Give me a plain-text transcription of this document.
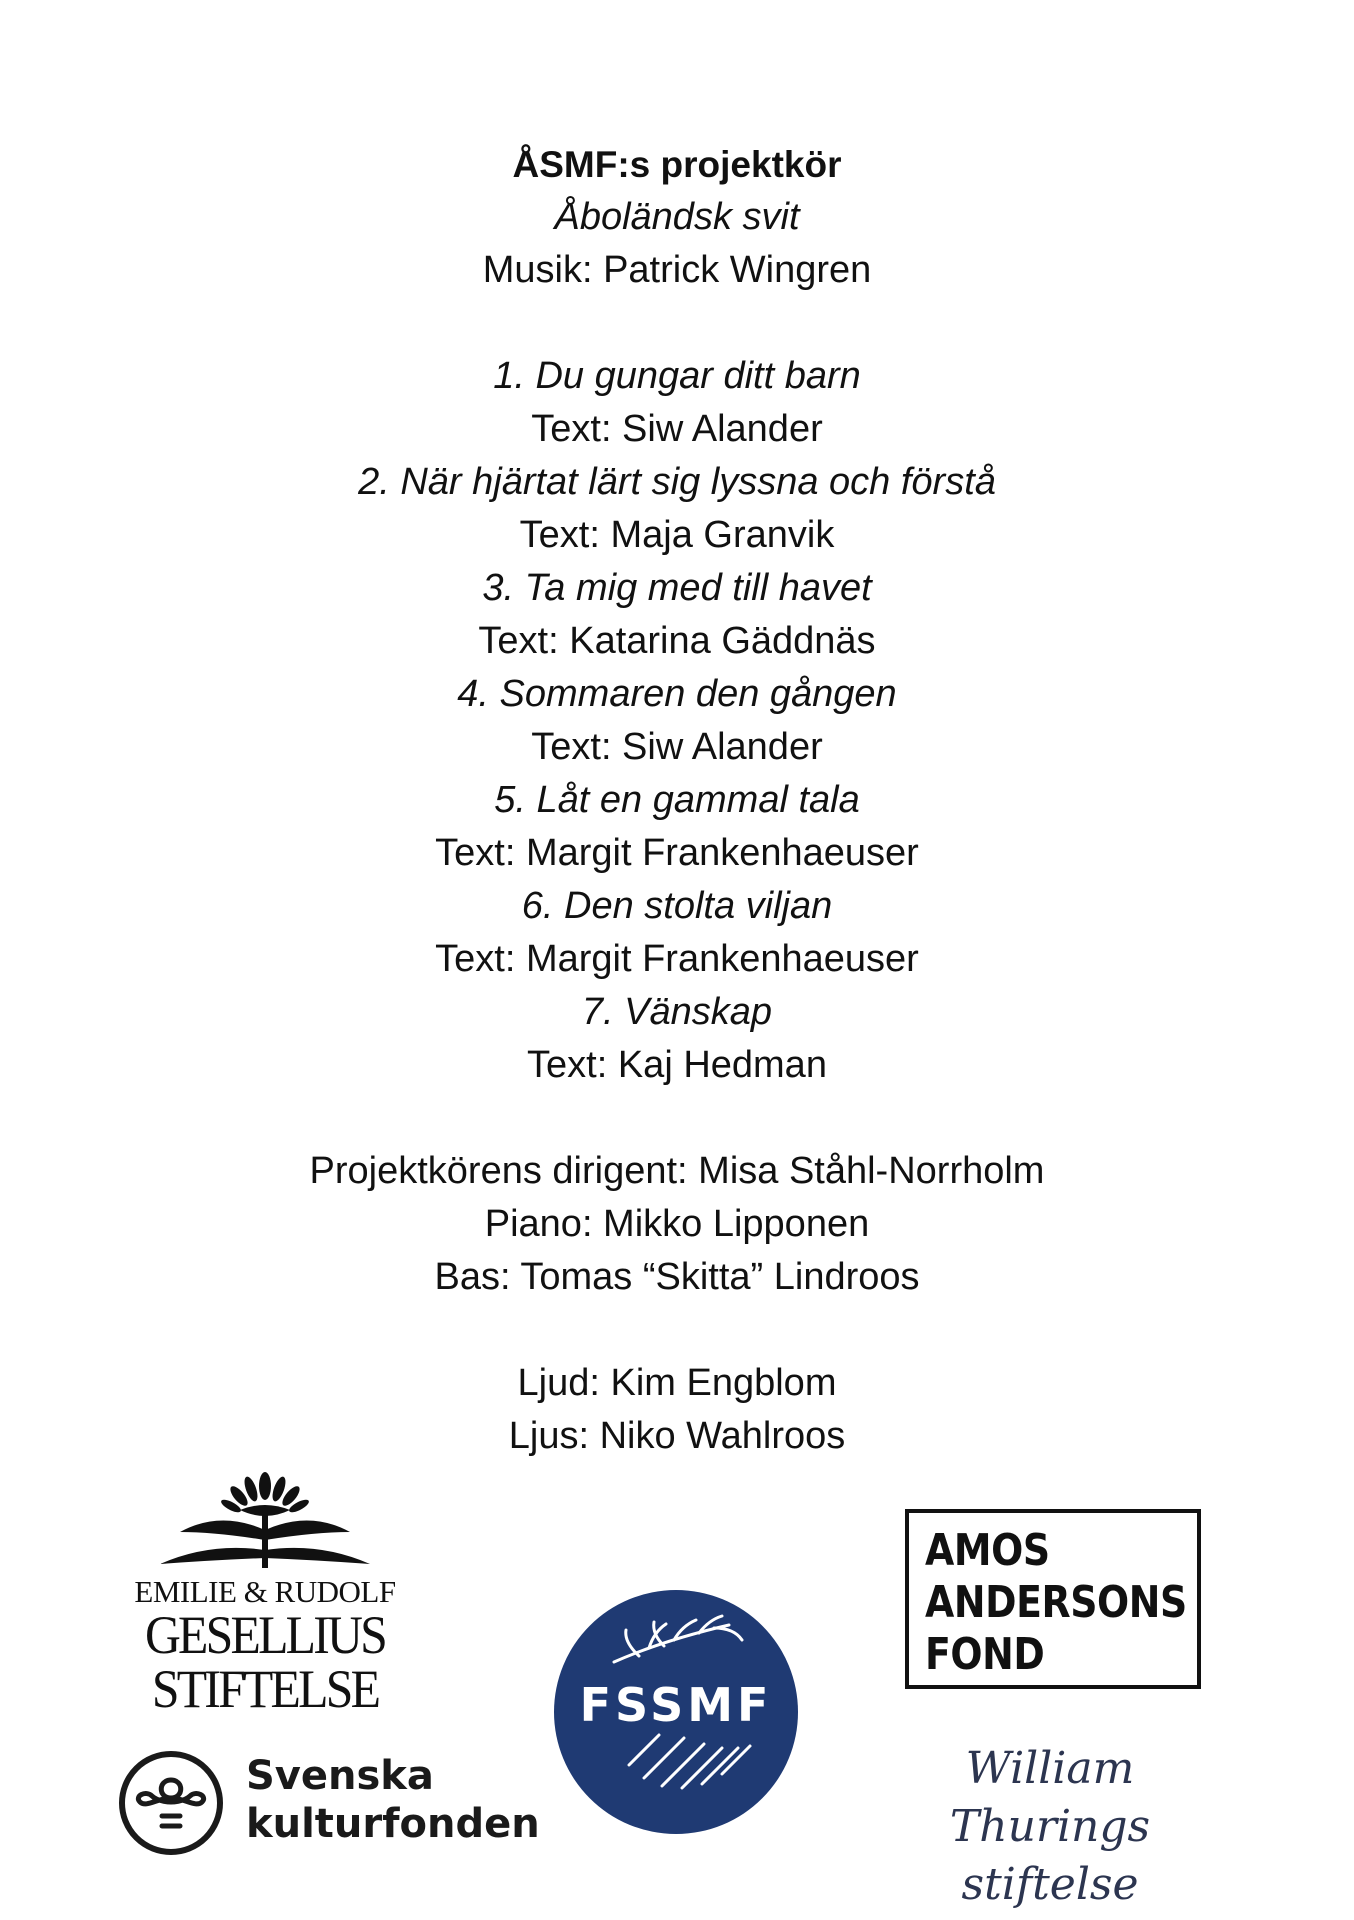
ÅSMF:s projektkör
Åboländsk svit
Musik: Patrick Wingren
1. Du gungar ditt barn
Text: Siw Alander
2. När hjärtat lärt sig lyssna och förstå
Text: Maja Granvik
3. Ta mig med till havet
Text: Katarina Gäddnäs
4. Sommaren den gången
Text: Siw Alander
5. Låt en gammal tala
Text: Margit Frankenhaeuser
6. Den stolta viljan
Text: Margit Frankenhaeuser
7. Vänskap
Text: Kaj Hedman
Projektkörens dirigent: Misa Ståhl-Norrholm
Piano: Mikko Lipponen
Bas: Tomas “Skitta” Lindroos
Ljud: Kim Engblom
Ljus: Niko Wahlroos
EMILIE & RUDOLF
GESELLIUS
STIFTELSE	FSSMF
AMOS
ANDERSONS
FOND
Svenska
kulturfonden
William Thurings
stiftelse
